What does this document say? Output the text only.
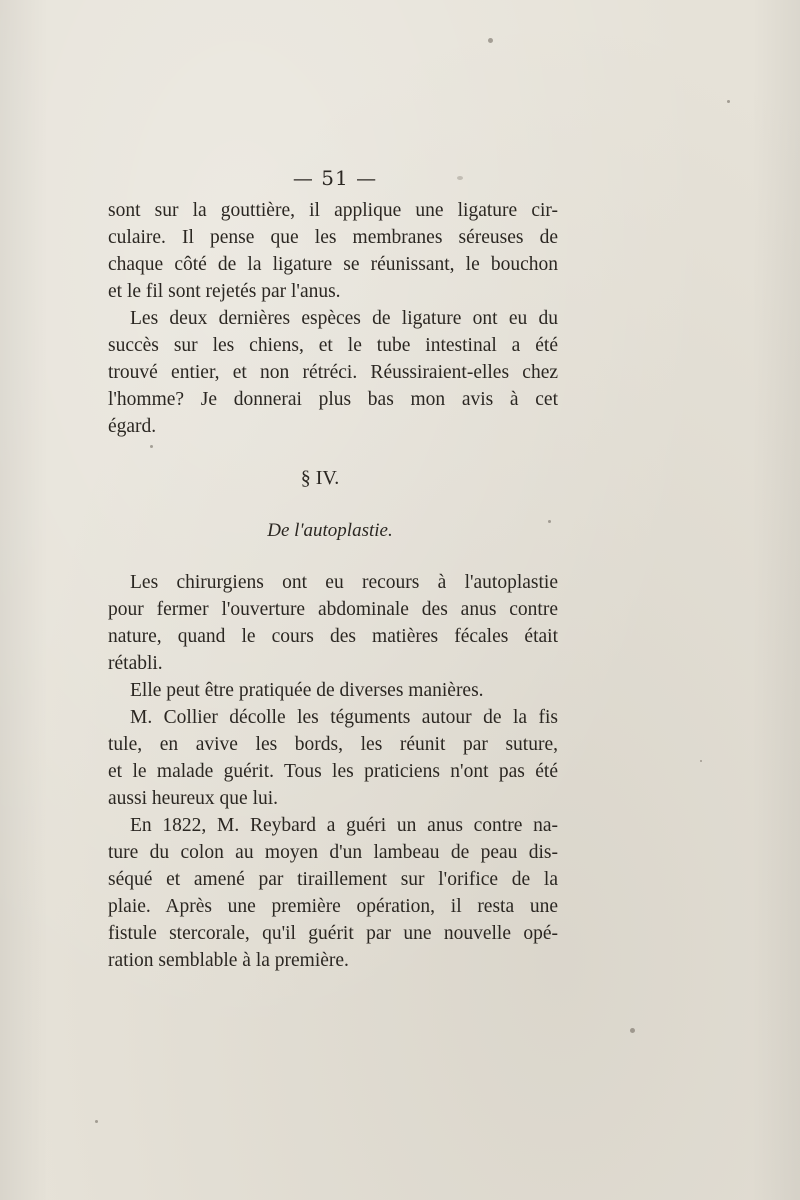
— 51 —
sont sur la gouttière, il applique une ligature cir-
culaire. Il pense que les membranes séreuses de
chaque côté de la ligature se réunissant, le bouchon
et le fil sont rejetés par l'anus.
Les deux dernières espèces de ligature ont eu du
succès sur les chiens, et le tube intestinal a été
trouvé entier, et non rétréci. Réussiraient-elles chez
l'homme? Je donnerai plus bas mon avis à cet
égard.
§ IV.
De l'autoplastie.
Les chirurgiens ont eu recours à l'autoplastie
pour fermer l'ouverture abdominale des anus contre
nature, quand le cours des matières fécales était
rétabli.
Elle peut être pratiquée de diverses manières.
M. Collier décolle les téguments autour de la fis
tule, en avive les bords, les réunit par suture,
et le malade guérit. Tous les praticiens n'ont pas été
aussi heureux que lui.
En 1822, M. Reybard a guéri un anus contre na-
ture du colon au moyen d'un lambeau de peau dis-
séqué et amené par tiraillement sur l'orifice de la
plaie. Après une première opération, il resta une
fistule stercorale, qu'il guérit par une nouvelle opé-
ration semblable à la première.
